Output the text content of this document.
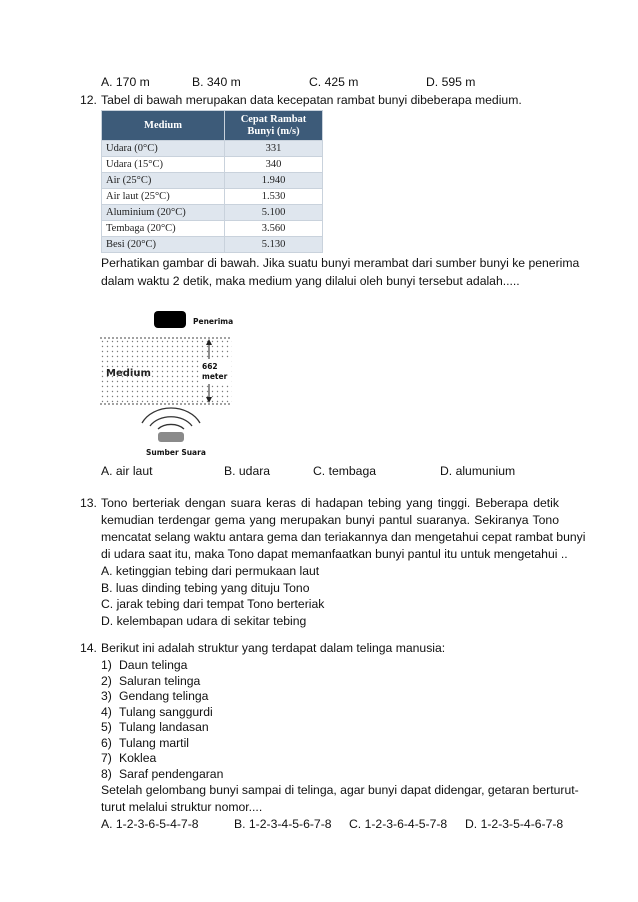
A. 170 m	B. 340 m	C. 425 m	D. 595 m
12. Tabel di bawah merupakan data kecepatan rambat bunyi dibeberapa medium.
Medium	Cepat Rambat
Bunyi (m/s)

Udara (0°C)	331
Udara (15°C)	340
Air (25°C)	1.940
Air laut (25°C)	1.530
Aluminium (20°C)	5.100
Tembaga (20°C)	3.560
Besi (20°C)	5.130
Perhatikan gambar di bawah. Jika suatu bunyi merambat dari sumber bunyi ke penerima
dalam waktu 2 detik, maka medium yang dilalui oleh bunyi tersebut adalah.....
Penerima
Medium
662
meter
Sumber Suara
A. air laut	B. udara	C. tembaga	D. alumunium
13. Tono berteriak dengan suara keras di hadapan tebing yang tinggi. Beberapa detik
kemudian terdengar gema yang merupakan bunyi pantul suaranya. Sekiranya Tono
mencatat selang waktu antara gema dan teriakannya dan mengetahui cepat rambat bunyi
di udara saat itu, maka Tono dapat memanfaatkan bunyi pantul itu untuk mengetahui ..
A. ketinggian tebing dari permukaan laut
B. luas dinding tebing yang dituju Tono
C. jarak tebing dari tempat Tono berteriak
D. kelembapan udara di sekitar tebing
14. Berikut ini adalah struktur yang terdapat dalam telinga manusia:
1) Daun telinga
2) Saluran telinga
3) Gendang telinga
4) Tulang sanggurdi
5) Tulang landasan
6) Tulang martil
7) Koklea
8) Saraf pendengaran
Setelah gelombang bunyi sampai di telinga, agar bunyi dapat didengar, getaran berturut-
turut melalui struktur nomor....
A. 1-2-3-6-5-4-7-8	B. 1-2-3-4-5-6-7-8 C. 1-2-3-6-4-5-7-8 D. 1-2-3-5-4-6-7-8
